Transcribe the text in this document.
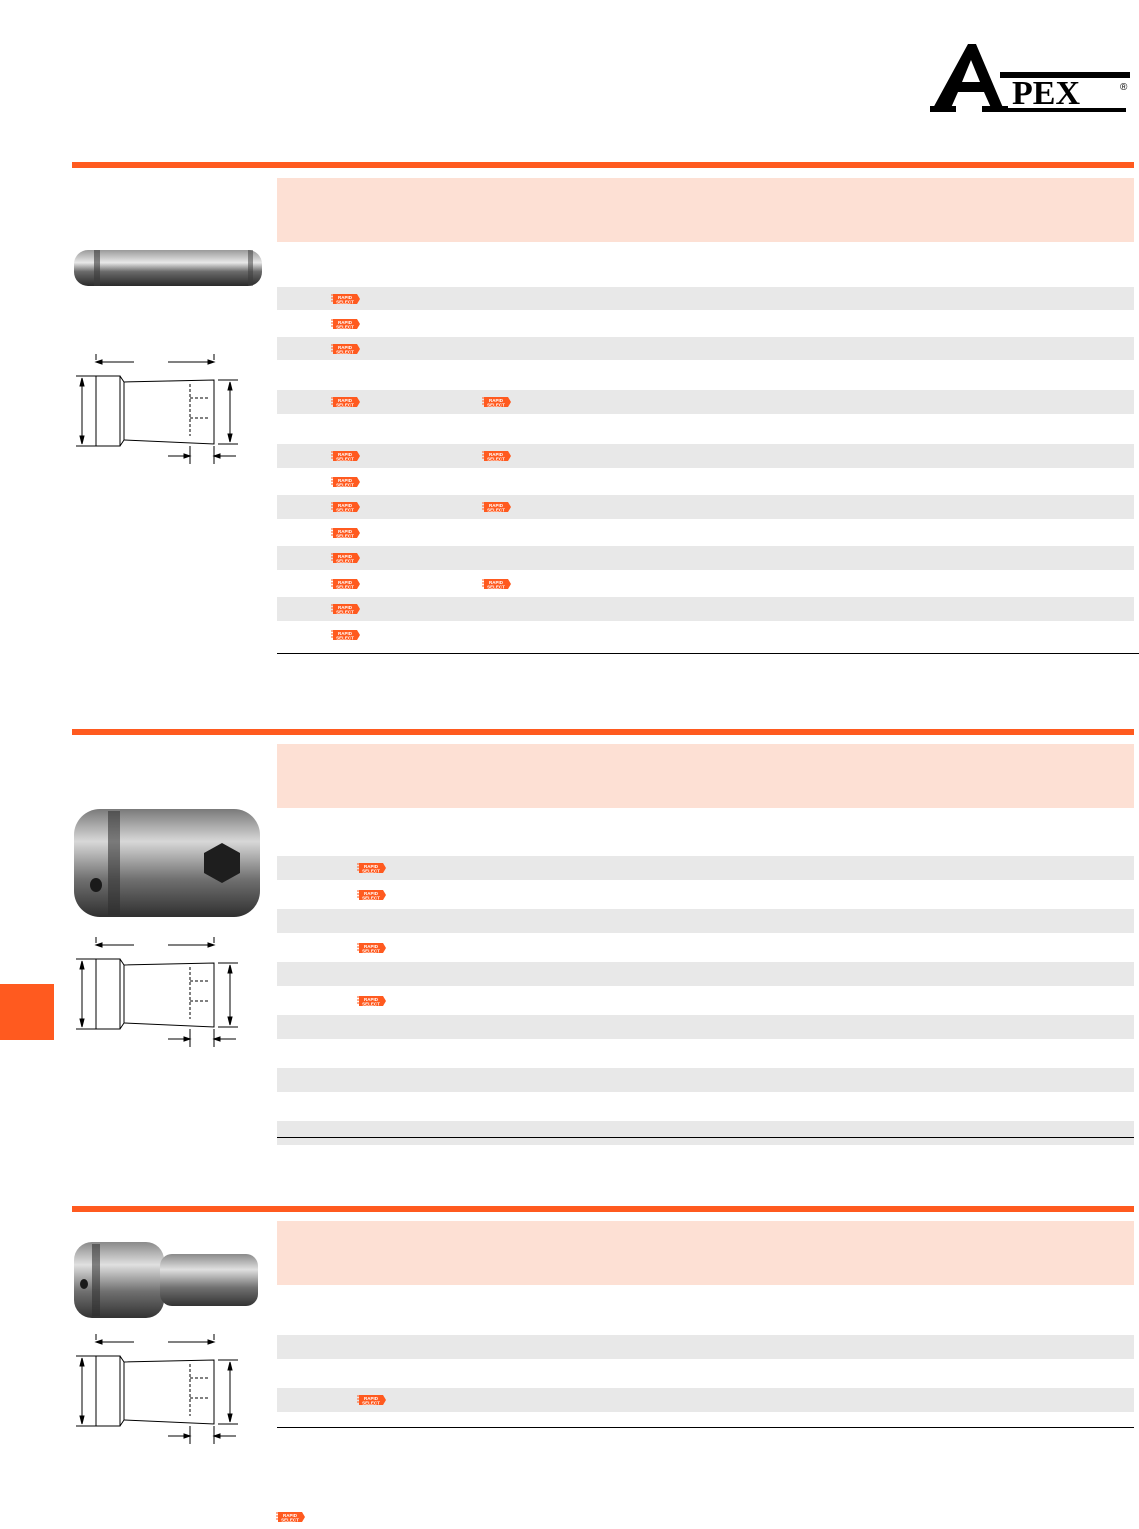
PEX	®
